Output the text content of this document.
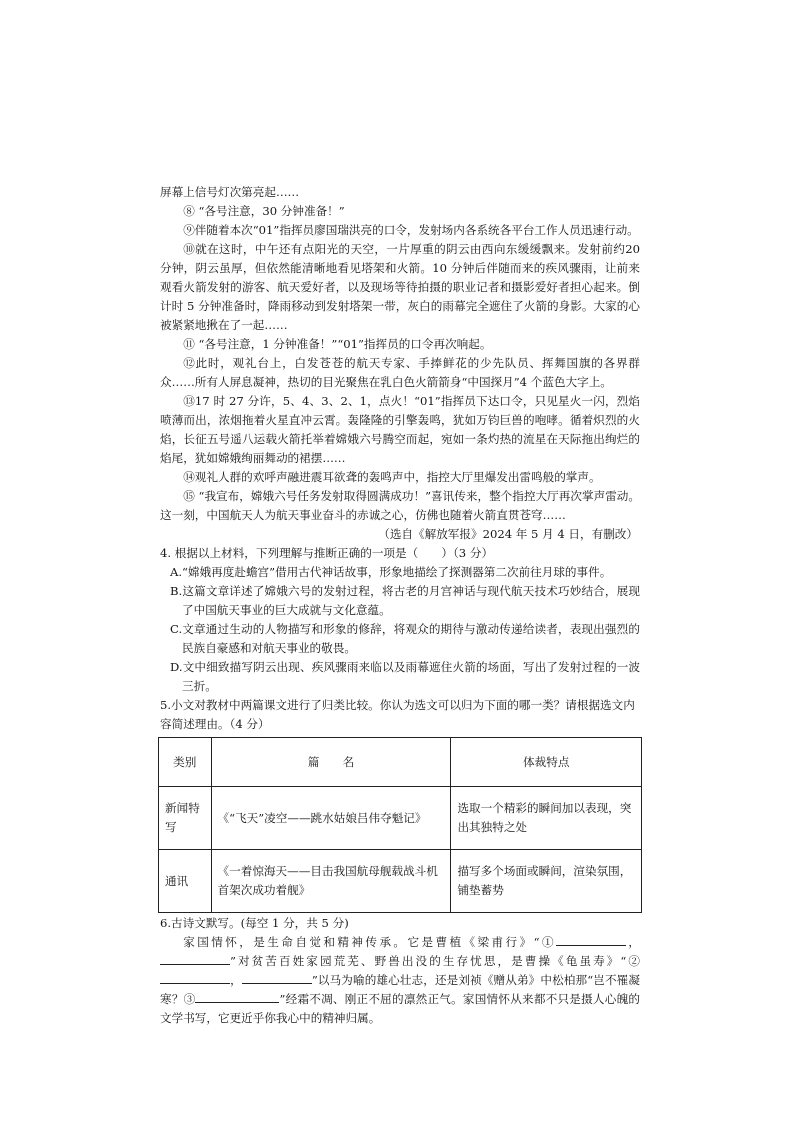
屏幕上信号灯次第亮起……

⑧ “各号注意，30 分钟准备！”

⑨伴随着本次“01”指挥员廖国瑞洪亮的口令，发射场内各系统各平台工作人员迅速行动。

⑩就在这时，中午还有点阳光的天空，一片厚重的阴云由西向东缓缓飘来。发射前约20 分钟，阴云虽厚，但依然能清晰地看见塔架和火箭。10 分钟后伴随而来的疾风骤雨，让前来观看火箭发射的游客、航天爱好者，以及现场等待拍摄的职业记者和摄影爱好者担心起来。倒计时 5 分钟准备时，降雨移动到发射塔架一带，灰白的雨幕完全遮住了火箭的身影。大家的心被紧紧地揪在了一起……

⑪ “各号注意，1 分钟准备！”“01”指挥员的口令再次响起。

⑫此时，观礼台上，白发苍苍的航天专家、手捧鲜花的少先队员、挥舞国旗的各界群众……所有人屏息凝神，热切的目光聚焦在乳白色火箭箭身“中国探月”4 个蓝色大字上。

⑬17 时 27 分许，5、4、3、2、1，点火！“01”指挥员下达口令，只见星火一闪，烈焰喷薄而出，浓烟拖着火星直冲云霄。轰隆隆的引擎轰鸣，犹如万钧巨兽的咆哮。循着炽烈的火焰，长征五号遥八运载火箭托举着嫦娥六号腾空而起，宛如一条灼热的流星在天际拖出绚烂的焰尾，犹如嫦娥绚丽舞动的裙摆……

⑭观礼人群的欢呼声融进震耳欲聋的轰鸣声中，指控大厅里爆发出雷鸣般的掌声。

⑮ “我宣布，嫦娥六号任务发射取得圆满成功！”喜讯传来，整个指控大厅再次掌声雷动。这一刻，中国航天人为航天事业奋斗的赤诚之心，仿佛也随着火箭直贯苍穹……

（选自《解放军报》2024 年 5 月 4 日，有删改）

4. 根据以上材料，下列理解与推断正确的一项是（　　）（3 分）

A.“嫦娥再度赴蟾宫”借用古代神话故事，形象地描绘了探测器第二次前往月球的事件。

B.这篇文章详述了嫦娥六号的发射过程，将古老的月宫神话与现代航天技术巧妙结合，展现了中国航天事业的巨大成就与文化意蕴。

C.文章通过生动的人物描写和形象的修辞，将观众的期待与激动传递给读者，表现出强烈的民族自豪感和对航天事业的敬畏。

D.文中细致描写阴云出现、疾风骤雨来临以及雨幕遮住火箭的场面，写出了发射过程的一波三折。

5.小文对教材中两篇课文进行了归类比较。你认为选文可以归为下面的哪一类？请根据选文内容简述理由。（4 分）

类别	篇　　名	体裁特点
新闻特写	《“飞天”凌空——跳水姑娘吕伟夺魁记》	选取一个精彩的瞬间加以表现，突出其独特之处
通讯	《一着惊海天——目击我国航母舰载战斗机首架次成功着舰》	描写多个场面或瞬间，渲染氛围，铺垫蓄势

6.古诗文默写。(每空 1 分，共 5 分)

家国情怀，是生命自觉和精神传承。它是曹植《梁甫行》“①	，”对贫苦百姓家园荒芜、野兽出没的生存忧思，是曹操《龟虽寿》“②，	”以马为喻的雄心壮志，还是刘祯《赠从弟》中松柏那“岂不罹凝寒？③	”经霜不凋、刚正不屈的凛然正气。家国情怀从来都不只是摄人心魄的文学书写，它更近乎你我心中的精神归属。
